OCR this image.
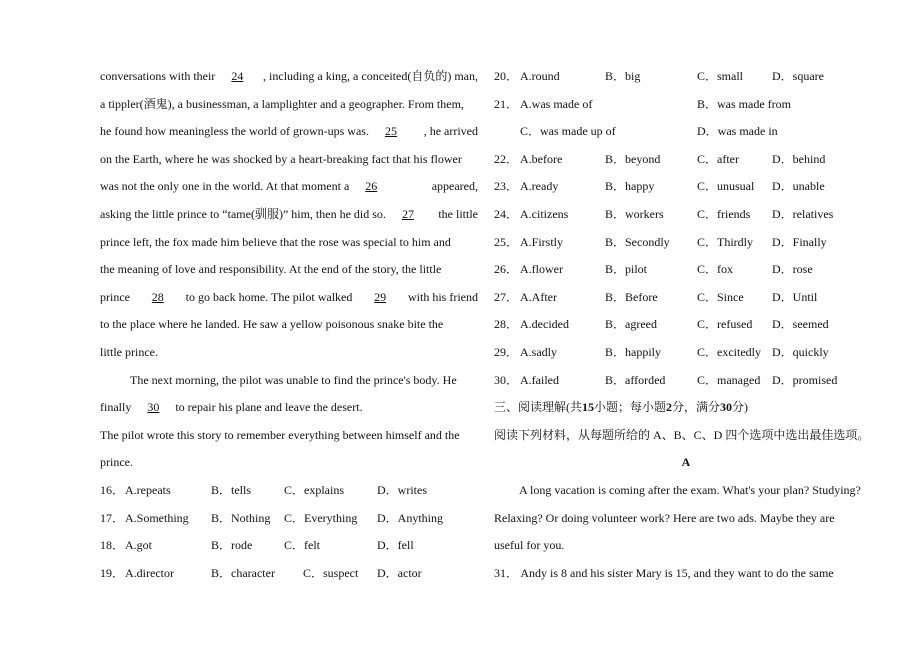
conversations with their 24	, including a king, a conceited(自负的) man,
a tippler(酒鬼), a businessman, a lamplighter and a geographer. From them,
he found how meaningless the world of grown-ups was. 25	, he arrived
on the Earth, where he was shocked by a heart-breaking fact that his flower
was not the only one in the world. At that moment a 26	appeared,
asking the little prince to “tame(驯服)” him, then he did so. 27	the little
prince left, the fox made him believe that the rose was special to him and
the meaning of love and responsibility. At the end of the story, the little
prince	28	to go back home. The pilot walked	29	with his friend
to the place where he landed. He saw a yellow poisonous snake bite the
little prince.
The next morning, the pilot was unable to find the prince's body. He
finally
	30
	to repair his plane and leave the desert.
The pilot wrote this story to remember everything between himself and the
prince.
16． A.repeats	B．tells	C．explains	D．writes
17． A.Something B．Nothing C．Everything D．Anything
18． A.got	B．rode	C．felt	D．fell
19． A.director	B．character C．suspect D．actor
20． A.round	B．big	C．small D．square
21． A.was made of	B．was made from
C．was made up of	D．was made in
22． A.before	B．beyond	C．after	D．behind
23． A.ready	B．happy	C．unusual D．unable
24． A.citizens	B．workers	C．friends D．relatives
25． A.Firstly	B．Secondly C．Thirdly D．Finally
26． A.flower	B．pilot	C．fox	D．rose
27． A.After	B．Before	C．Since D．Until
28． A.decided	B．agreed	C．refused D．seemed
29． A.sadly	B．happily	C．excitedly D．quickly
30． A.failed	B．afforded	C．managed D．promised
三、阅读理解(共 15 小题；每小题 2 分，满分 30 分)
阅读下列材料，从每题所给的 A、B、C、D 四个选项中选出最佳选项。
A
A long vacation is coming after the exam. What's your plan? Studying?
Relaxing? Or doing volunteer work? Here are two ads. Maybe they are
useful for you.
31． Andy is 8 and his sister Mary is 15, and they want to do the same
